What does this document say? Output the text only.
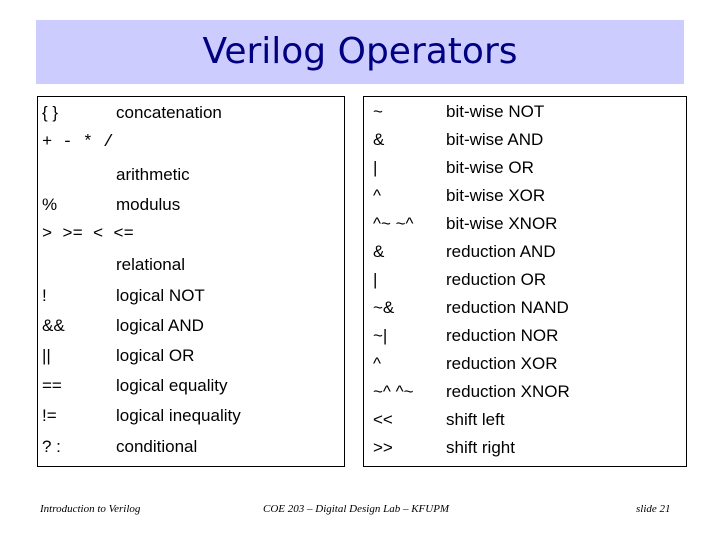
Verilog Operators
{ }	concatenation
+ - * /
arithmetic
%	modulus
> >= < <=
relational
!	logical NOT
&&	logical AND
||	logical OR
==	logical equality
!=	logical inequality
? :	conditional
~	bit-wise NOT
&	bit-wise AND
|	bit-wise OR
^	bit-wise XOR
^~ ~^ bit-wise XNOR
&	reduction AND
|	reduction OR
~&	reduction NAND
~|	reduction NOR
^	reduction XOR
~^ ^~ reduction XNOR
<<	shift left
>>	shift right
Introduction to Verilog	COE 203 – Digital Design Lab – KFUPM	slide 21
